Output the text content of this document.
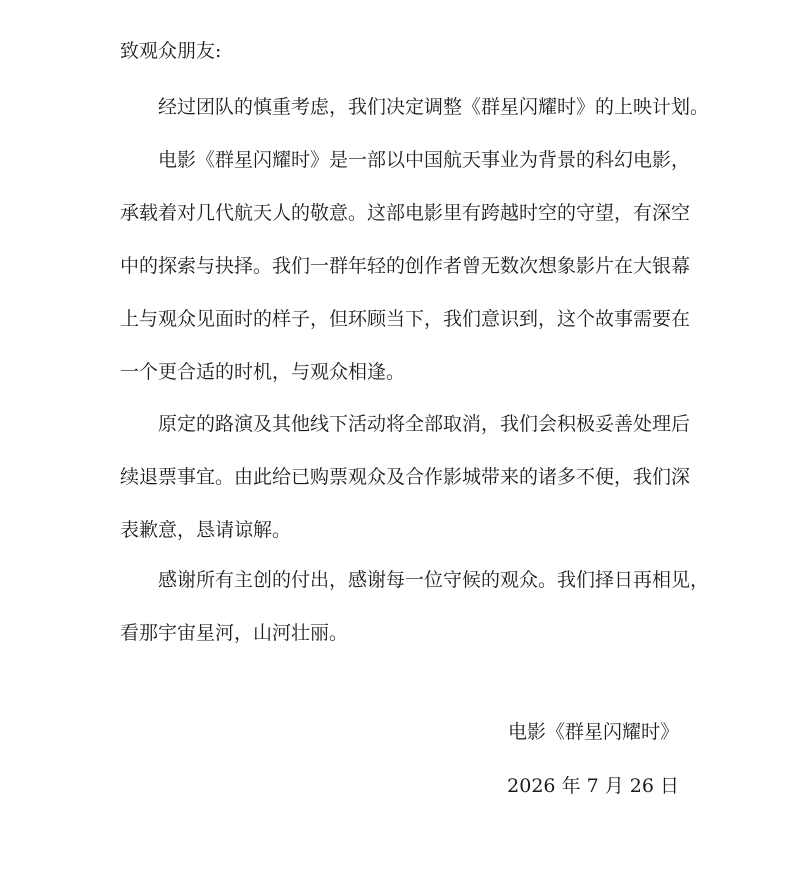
致观众朋友:
经过团队的慎重考虑，我们决定调整《群星闪耀时》的上映计划。
电影《群星闪耀时》是一部以中国航天事业为背景的科幻电影，
承载着对几代航天人的敬意。这部电影里有跨越时空的守望，有深空
中的探索与抉择。我们一群年轻的创作者曾无数次想象影片在大银幕
上与观众见面时的样子，但环顾当下，我们意识到，这个故事需要在
一个更合适的时机，与观众相逢。
原定的路演及其他线下活动将全部取消，我们会积极妥善处理后
续退票事宜。由此给已购票观众及合作影城带来的诸多不便，我们深
表歉意，恳请谅解。
感谢所有主创的付出，感谢每一位守候的观众。我们择日再相见，
看那宇宙星河，山河壮丽。
电影《群星闪耀时》
2026 年 7 月 26 日
